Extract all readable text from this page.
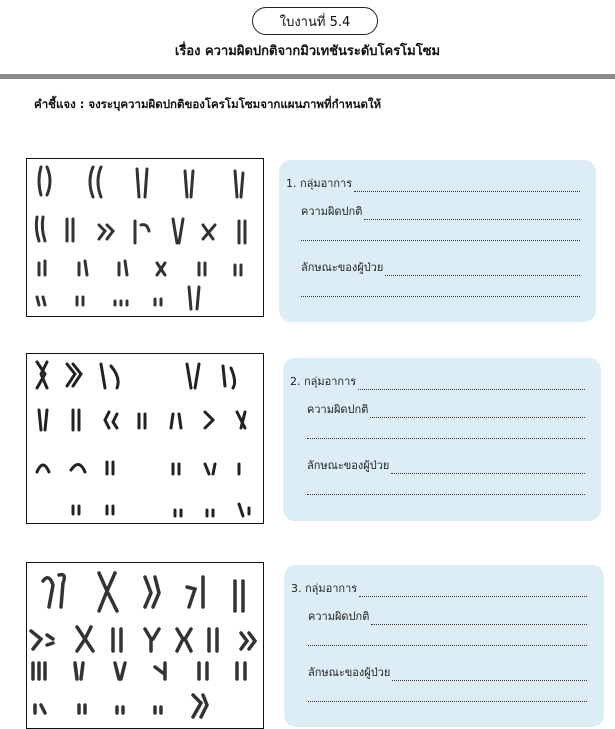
ใบงานที่ 5.4
เรื่อง ความผิดปกติจากมิวเทชันระดับโครโมโซม
คำชี้แจง : จงระบุความผิดปกติของโครโมโซมจากแผนภาพที่กำหนดให้
1. กลุ่มอาการ
ความผิดปกติ
ลักษณะของผู้ป่วย
2. กลุ่มอาการ
ความผิดปกติ
ลักษณะของผู้ป่วย
3. กลุ่มอาการ
ความผิดปกติ
ลักษณะของผู้ป่วย
